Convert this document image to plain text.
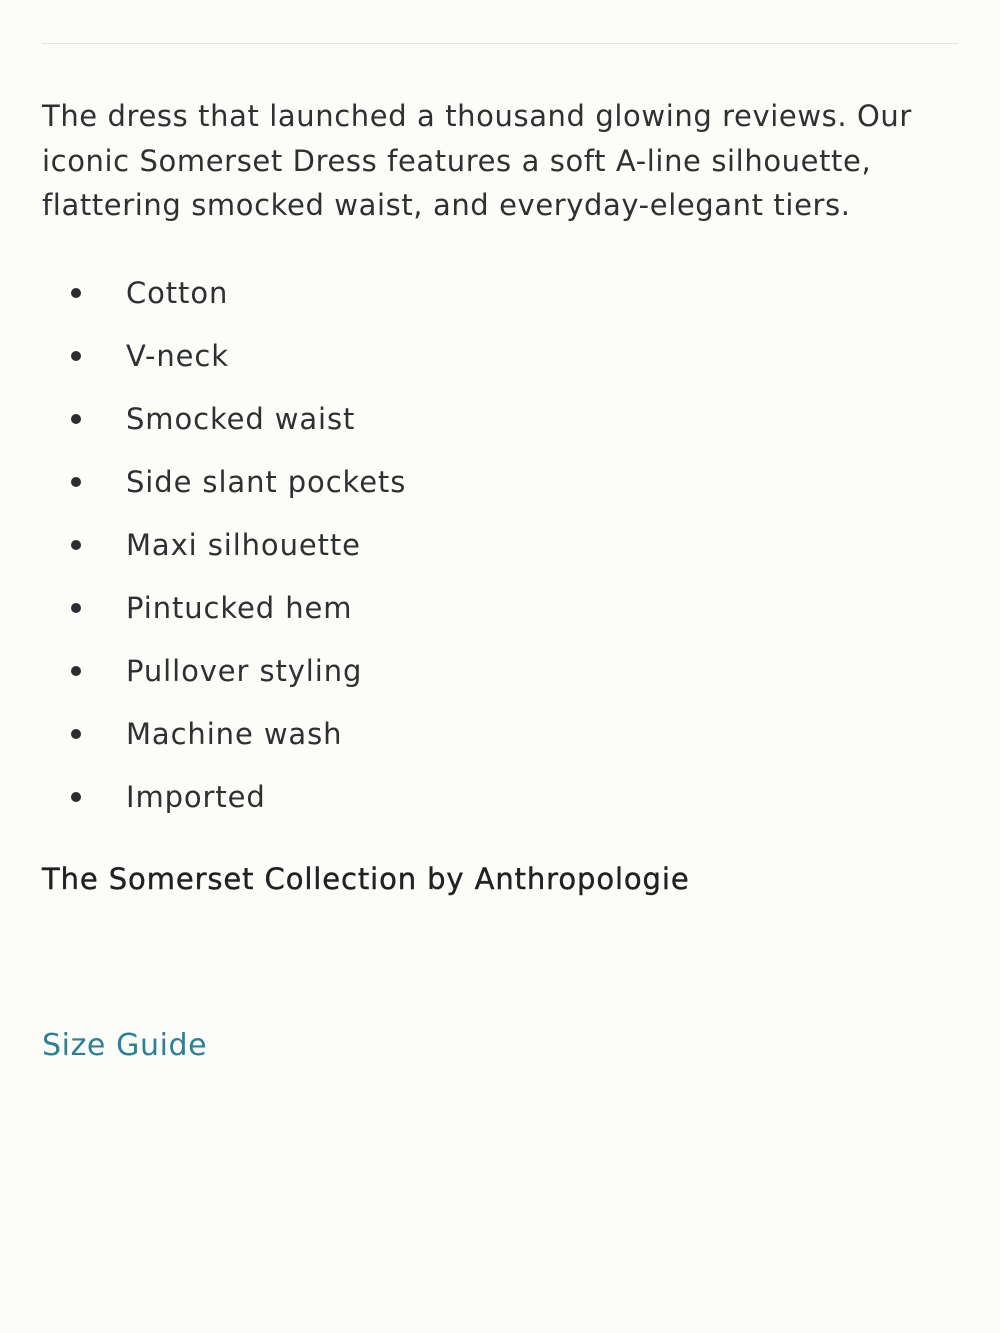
The dress that launched a thousand glowing reviews. Our iconic Somerset Dress features a soft A-line silhouette, flattering smocked waist, and everyday-elegant tiers.

Cotton
V-neck
Smocked waist
Side slant pockets
Maxi silhouette
Pintucked hem
Pullover styling
Machine wash
Imported
The Somerset Collection by Anthropologie
Size Guide
